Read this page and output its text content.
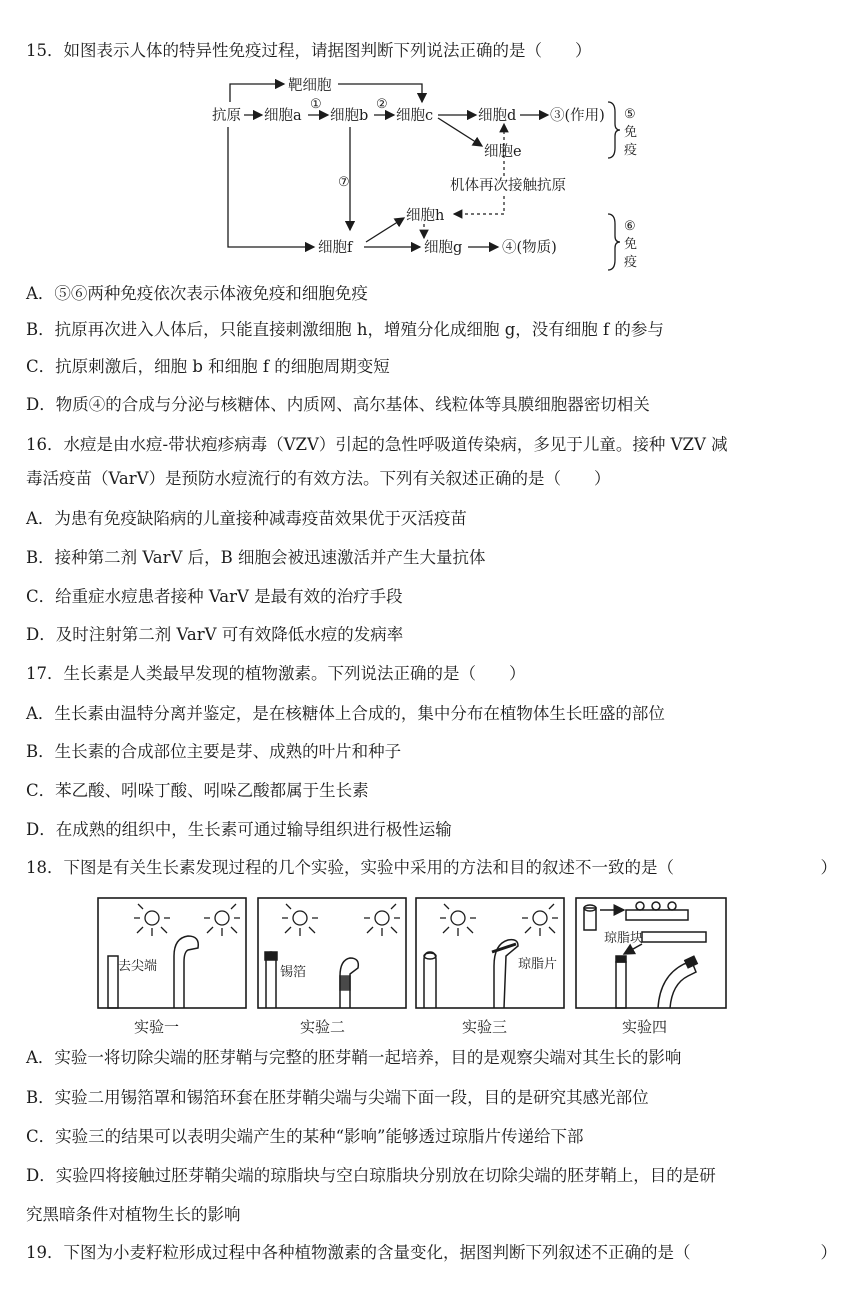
15．如图表示人体的特异性免疫过程，请据图判断下列说法正确的是（　　）
靶细胞
抗原 细胞a 细胞b 细胞c	细胞d ③(作用)
细胞e
机体再次接触抗原
细胞h
细胞f	细胞g	④(物质)
①	②
⑦
⑤
免
疫
⑥
免
疫
A．⑤⑥两种免疫依次表示体液免疫和细胞免疫
B．抗原再次进入人体后，只能直接刺激细胞 h，增殖分化成细胞 g，没有细胞 f 的参与
C．抗原刺激后，细胞 b 和细胞 f 的细胞周期变短
D．物质④的合成与分泌与核糖体、内质网、高尔基体、线粒体等具膜细胞器密切相关
16．水痘是由水痘-带状疱疹病毒（VZV）引起的急性呼吸道传染病，多见于儿童。接种 VZV 减
毒活疫苗（VarV）是预防水痘流行的有效方法。下列有关叙述正确的是（　　）
A．为患有免疫缺陷病的儿童接种减毒疫苗效果优于灭活疫苗
B．接种第二剂 VarV 后，B 细胞会被迅速激活并产生大量抗体
C．给重症水痘患者接种 VarV 是最有效的治疗手段
D．及时注射第二剂 VarV 可有效降低水痘的发病率
17．生长素是人类最早发现的植物激素。下列说法正确的是（　　）
A．生长素由温特分离并鉴定，是在核糖体上合成的，集中分布在植物体生长旺盛的部位
B．生长素的合成部位主要是芽、成熟的叶片和种子
C．苯乙酸、吲哚丁酸、吲哚乙酸都属于生长素
D．在成熟的组织中，生长素可通过输导组织进行极性运输
18．下图是有关生长素发现过程的几个实验，实验中采用的方法和目的叙述不一致的是（	）
去尖端	锡箔
琼脂片
琼脂块
实验一	实验二	实验三	实验四
A．实验一将切除尖端的胚芽鞘与完整的胚芽鞘一起培养，目的是观察尖端对其生长的影响
B．实验二用锡箔罩和锡箔环套在胚芽鞘尖端与尖端下面一段，目的是研究其感光部位
C．实验三的结果可以表明尖端产生的某种“影响”能够透过琼脂片传递给下部
D．实验四将接触过胚芽鞘尖端的琼脂块与空白琼脂块分别放在切除尖端的胚芽鞘上，目的是研
究黑暗条件对植物生长的影响
19．下图为小麦籽粒形成过程中各种植物激素的含量变化，据图判断下列叙述不正确的是（	）
